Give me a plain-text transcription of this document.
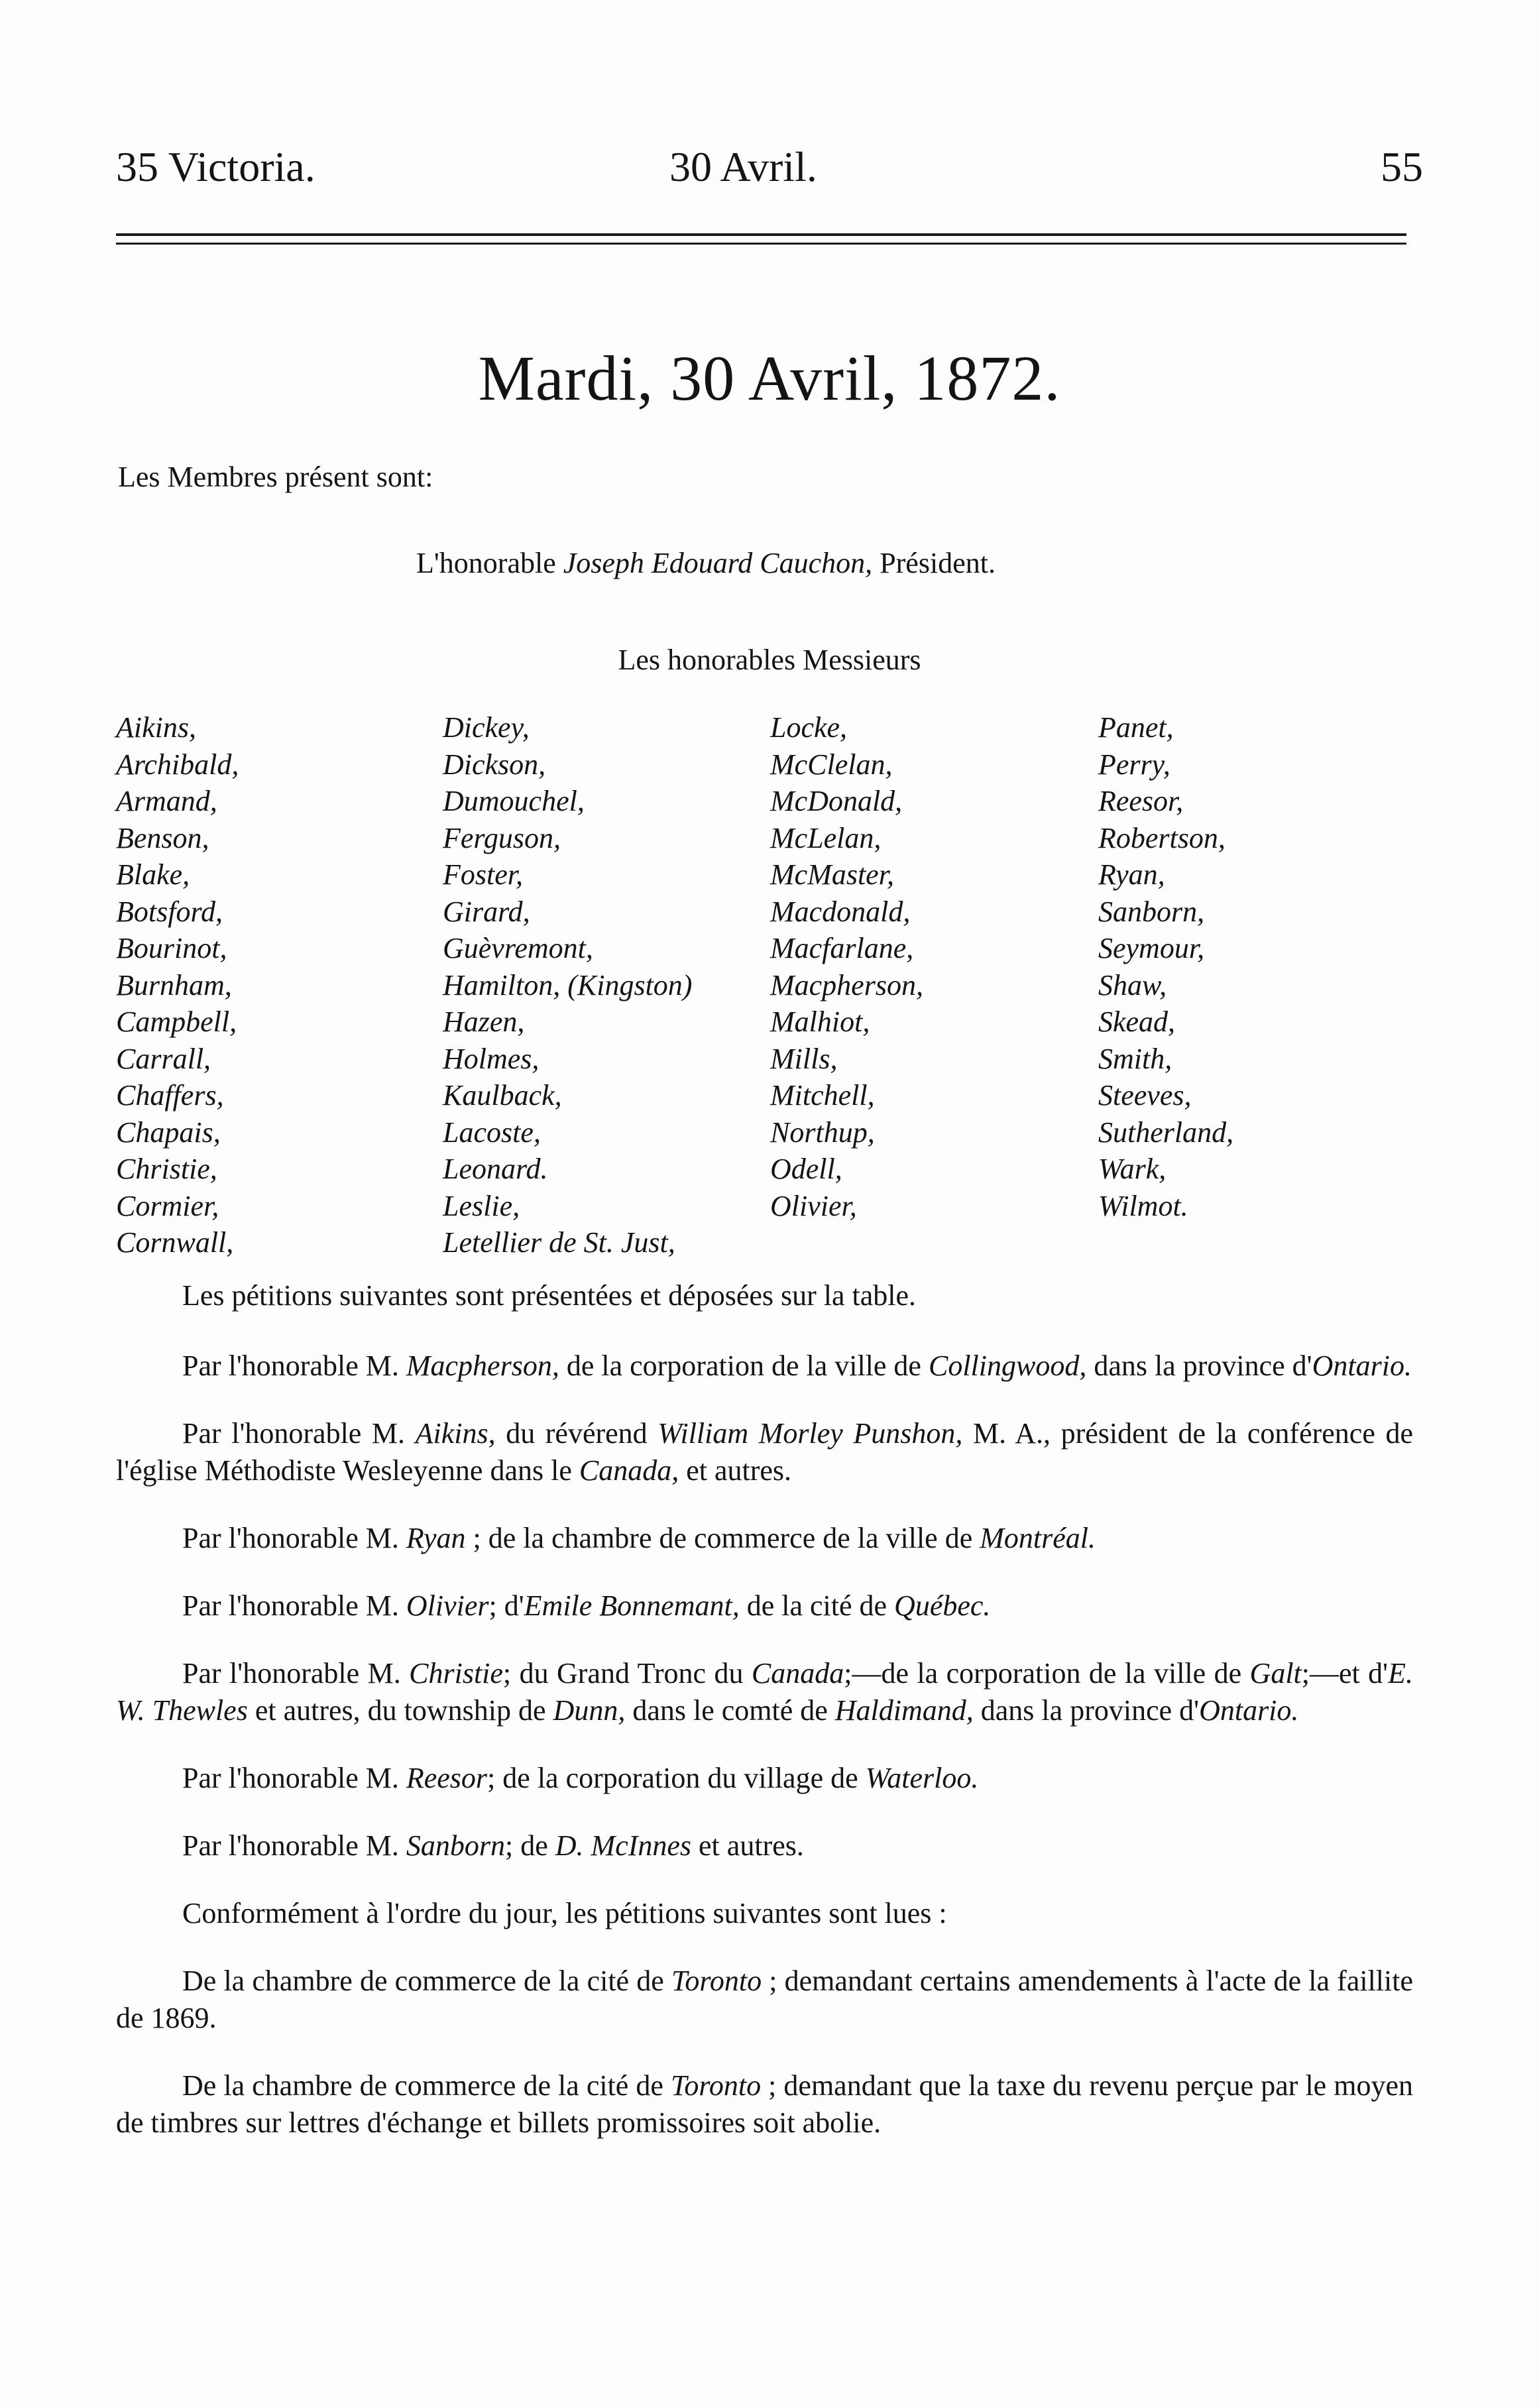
35 Victoria.	30 Avril.	55
Mardi, 30 Avril, 1872.
Les Membres présent sont:
L'honorable Joseph Edouard Cauchon, Président.
Les honorables Messieurs
Aikins,
Archibald,
Armand,
Benson,
Blake,
Botsford,
Bourinot,
Burnham,
Campbell,
Carrall,
Chaffers,
Chapais,
Christie,
Cormier,
Cornwall,
Dickey,
Dickson,
Dumouchel,
Ferguson,
Foster,
Girard,
Guèvremont,
Hamilton, (Kingston)
Hazen,
Holmes,
Kaulback,
Lacoste,
Leonard.
Leslie,
Letellier de St. Just,
Locke,
McClelan,
McDonald,
McLelan,
McMaster,
Macdonald,
Macfarlane,
Macpherson,
Malhiot,
Mills,
Mitchell,
Northup,
Odell,
Olivier,
Panet,
Perry,
Reesor,
Robertson,
Ryan,
Sanborn,
Seymour,
Shaw,
Skead,
Smith,
Steeves,
Sutherland,
Wark,
Wilmot.

Les pétitions suivantes sont présentées et déposées sur la table.

Par l'honorable M. Macpherson, de la corporation de la ville de Collingwood, dans la province d'Ontario.

Par l'honorable M. Aikins, du révérend William Morley Punshon, M. A., président de la conférence de l'église Méthodiste Wesleyenne dans le Canada, et autres.

Par l'honorable M. Ryan ; de la chambre de commerce de la ville de Montréal.

Par l'honorable M. Olivier; d'Emile Bonnemant, de la cité de Québec.

Par l'honorable M. Christie; du Grand Tronc du Canada;—de la corporation de la ville de Galt;—et d'E. W. Thewles et autres, du township de Dunn, dans le comté de Haldimand, dans la province d'Ontario.

Par l'honorable M. Reesor; de la corporation du village de Waterloo.

Par l'honorable M. Sanborn; de D. McInnes et autres.

Conformément à l'ordre du jour, les pétitions suivantes sont lues :

De la chambre de commerce de la cité de Toronto ; demandant certains amendements à l'acte de la faillite de 1869.

De la chambre de commerce de la cité de Toronto ; demandant que la taxe du revenu perçue par le moyen de timbres sur lettres d'échange et billets promissoires soit abolie.
